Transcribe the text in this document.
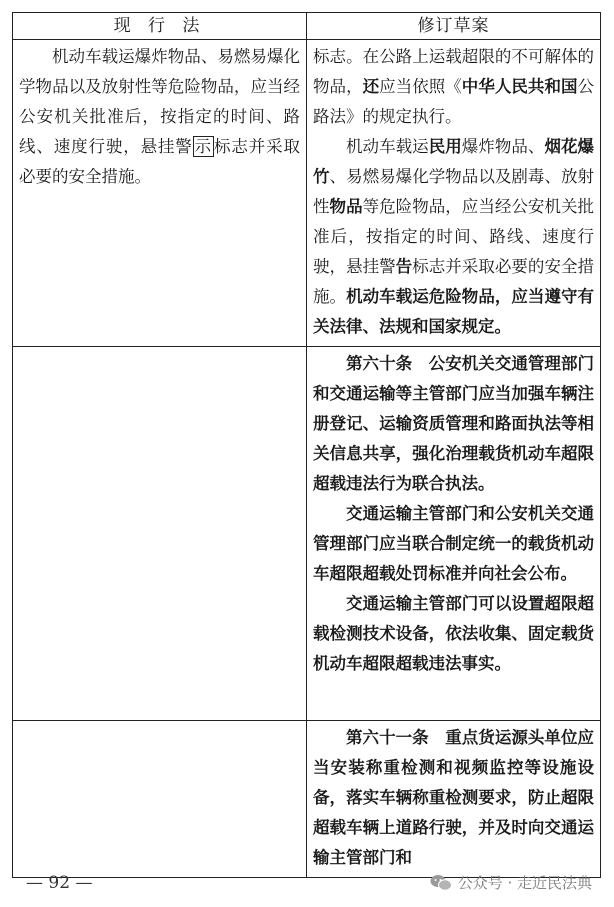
现 行 法	修订草案

机动车载运爆炸物品、易燃易爆化学物品以及放射性等危险物品，应当经公安机关批准后，按指定的时间、路线、速度行驶，悬挂警 示 标志并采取必要的安全措施。	标志。在公路上运载超限的不可解体的物品，还应当依照《中华人民共和国公路法》的规定执行。

机动车载运民用爆炸物品、烟花爆竹、易燃易爆化学物品以及剧毒、放射性物品等危险物品，应当经公安机关批准后，按指定的时间、路线、速度行驶，悬挂警告标志并采取必要的安全措施。机动车载运危险物品，应当遵守有关法律、法规和国家规定。

	第六十条　公安机关交通管理部门和交通运输等主管部门应当加强车辆注册登记、运输资质管理和路面执法等相关信息共享，强化治理载货机动车超限超载违法行为联合执法。

交通运输主管部门和公安机关交通管理部门应当联合制定统一的载货机动车超限超载处罚标准并向社会公布。

交通运输主管部门可以设置超限超载检测技术设备，依法收集、固定载货机动车超限超载违法事实。

	第六十一条　重点货运源头单位应当安装称重检测和视频监控等设施设备，落实车辆称重检测要求，防止超限超载车辆上道路行驶，并及时向交通运输主管部门和

— 92 —	公众号 · 走近民法典
